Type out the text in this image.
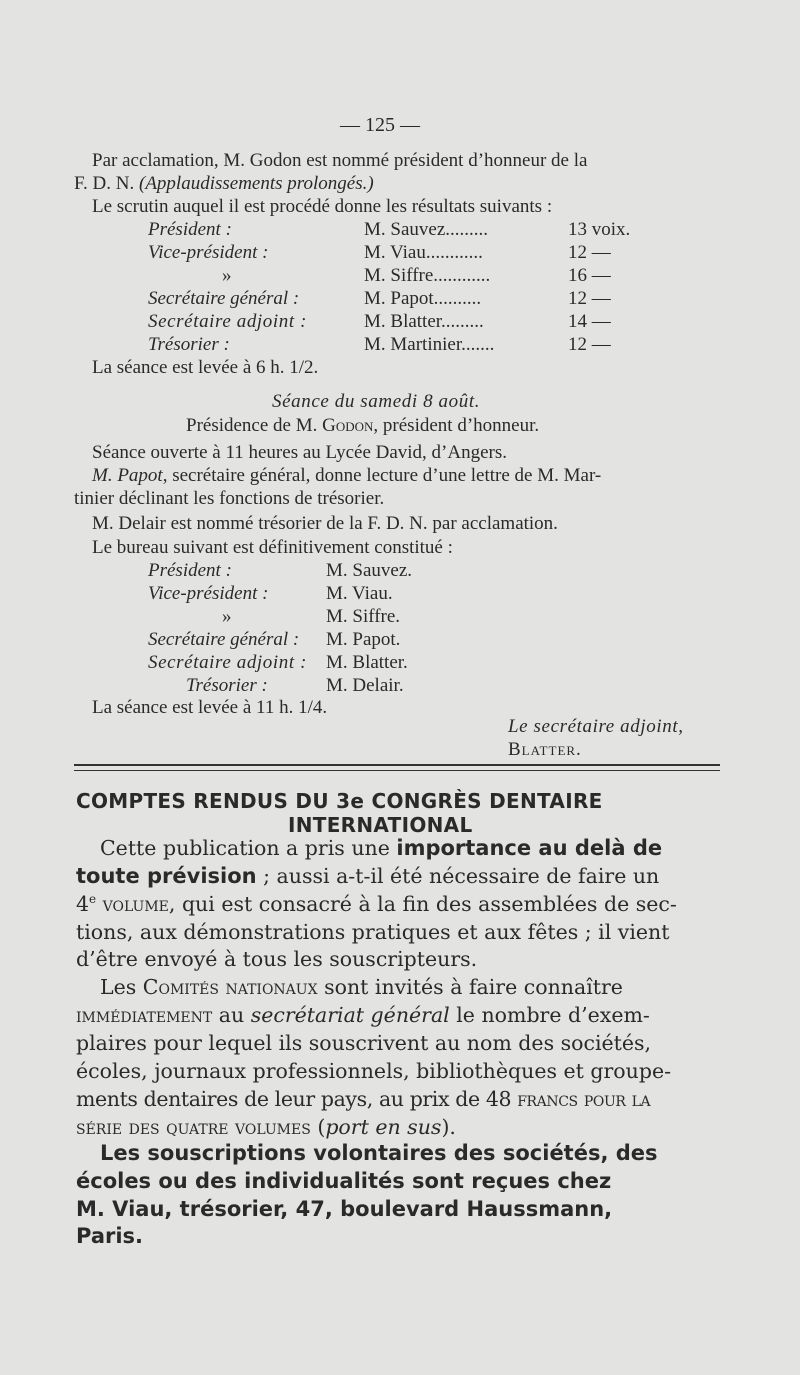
— 125 —
Par acclamation, M. Godon est nommé président d’honneur de la
F. D. N. (Applaudissements prolongés.)
Le scrutin auquel il est procédé donne les résultats suivants :
Président :	M. Sauvez.........	13 voix.
Vice-président :	M. Viau............	12 —
»	M. Siffre............	16 —
Secrétaire général :	M. Papot..........	12 —
Secrétaire adjoint :	M. Blatter.........	14 —
Trésorier :	M. Martinier.......	12 —
La séance est levée à 6 h. 1/2.
Séance du samedi 8 août.
Présidence de M. Godon, président d’honneur.
Séance ouverte à 11 heures au Lycée David, d’Angers.
M. Papot, secrétaire général, donne lecture d’une lettre de M. Mar-
tinier déclinant les fonctions de trésorier.
M. Delair est nommé trésorier de la F. D. N. par acclamation.
Le bureau suivant est définitivement constitué :
Président :	M. Sauvez.
Vice-président :	M. Viau.
»	M. Siffre.
Secrétaire général : M. Papot.
Secrétaire adjoint : M. Blatter.
Trésorier :	M. Delair.
La séance est levée à 11 h. 1/4.
Le secrétaire adjoint,
Blatter.
COMPTES RENDUS DU 3e CONGRÈS DENTAIRE
INTERNATIONAL
Cette publication a pris une importance au delà de
toute prévision ; aussi a-t-il été nécessaire de faire un
4e volume, qui est consacré à la fin des assemblées de sec-
tions, aux démonstrations pratiques et aux fêtes ; il vient
d’être envoyé à tous les souscripteurs.
Les Comités nationaux sont invités à faire connaître
immédiatement au secrétariat général le nombre d’exem-
plaires pour lequel ils souscrivent au nom des sociétés,
écoles, journaux professionnels, bibliothèques et groupe-
ments dentaires de leur pays, au prix de 48 francs pour la
série des quatre volumes (port en sus).
Les souscriptions volontaires des sociétés, des
écoles ou des individualités sont reçues chez
M. Viau, trésorier, 47, boulevard Haussmann,
Paris.
